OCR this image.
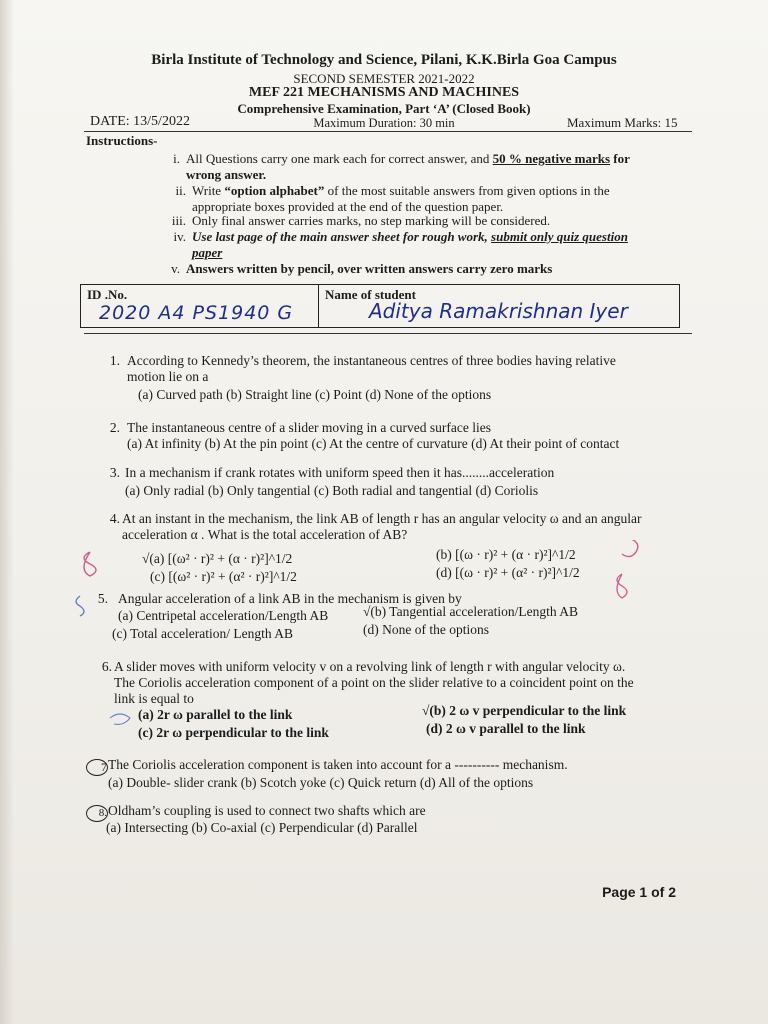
Birla Institute of Technology and Science, Pilani, K.K.Birla Goa Campus
SECOND SEMESTER 2021-2022
MEF 221 MECHANISMS AND MACHINES
Comprehensive Examination, Part ‘A’ (Closed Book)
DATE: 13/5/2022	Maximum Duration: 30 min	Maximum Marks: 15
Instructions-
i. All Questions carry one mark each for correct answer, and 50 % negative marks for
wrong answer.
ii. Write “option alphabet” of the most suitable answers from given options in the
appropriate boxes provided at the end of the question paper.
iii. Only final answer carries marks, no step marking will be considered.
iv. Use last page of the main answer sheet for rough work, submit only quiz question
paper
v. Answers written by pencil, over written answers carry zero marks
ID .No.	Name of student
2020 A4 PS1940 G	Aditya Ramakrishnan Iyer
1. According to Kennedy’s theorem, the instantaneous centres of three bodies having relative
motion lie on a
(a) Curved path (b) Straight line (c) Point (d) None of the options
2. The instantaneous centre of a slider moving in a curved surface lies
(a) At infinity (b) At the pin point (c) At the centre of curvature (d) At their point of contact
3. In a mechanism if crank rotates with uniform speed then it has........acceleration
(a) Only radial (b) Only tangential (c) Both radial and tangential (d) Coriolis
4. At an instant in the mechanism, the link AB of length r has an angular velocity ω and an angular
acceleration α . What is the total acceleration of AB?
√(a) [(ω² · r)² + (α · r)²]^1/2	(b) [(ω · r)² + (α · r)²]^1/2
(c) [(ω² · r)² + (α² · r)²]^1/2	(d) [(ω · r)² + (α² · r)²]^1/2
5. Angular acceleration of a link AB in the mechanism is given by
(a) Centripetal acceleration/Length AB	√(b) Tangential acceleration/Length AB
(c) Total acceleration/ Length AB	(d) None of the options
6. A slider moves with uniform velocity v on a revolving link of length r with angular velocity ω.
The Coriolis acceleration component of a point on the slider relative to a coincident point on the
link is equal to
(a) 2r ω parallel to the link	√(b) 2 ω v perpendicular to the link
(c) 2r ω perpendicular to the link	(d) 2 ω v parallel to the link
7 The Coriolis acceleration component is taken into account for a ---------- mechanism.
(a) Double- slider crank (b) Scotch yoke (c) Quick return (d) All of the options
8. Oldham’s coupling is used to connect two shafts which are
(a) Intersecting (b) Co-axial (c) Perpendicular (d) Parallel
Page 1 of 2
